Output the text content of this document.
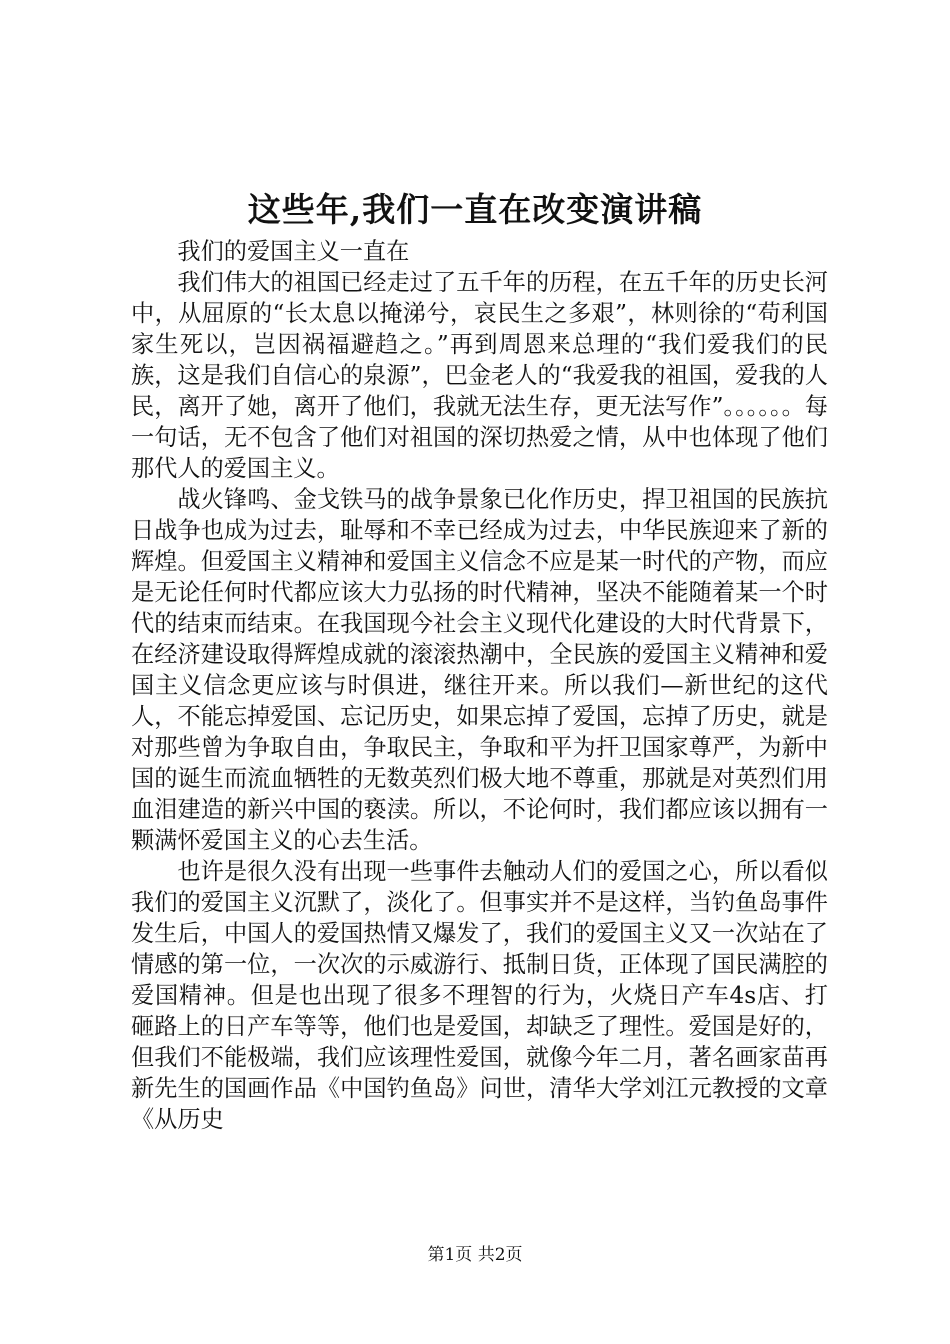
这些年,我们一直在改变演讲稿
我们的爱国主义一直在

我们伟大的祖国已经走过了五千年的历程，在五千年的历史长河中，从屈原的“长太息以掩涕兮，哀民生之多艰”，林则徐的“苟利国家生死以，岂因祸福避趋之。”再到周恩来总理的“我们爱我们的民族，这是我们自信心的泉源”，巴金老人的“我爱我的祖国，爱我的人民，离开了她，离开了他们，我就无法生存，更无法写作”。。。。。。每一句话，无不包含了他们对祖国的深切热爱之情，从中也体现了他们那代人的爱国主义。

战火锋鸣、金戈铁马的战争景象已化作历史，捍卫祖国的民族抗日战争也成为过去，耻辱和不幸已经成为过去，中华民族迎来了新的辉煌。但爱国主义精神和爱国主义信念不应是某一时代的产物，而应是无论任何时代都应该大力弘扬的时代精神，坚决不能随着某一个时代的结束而结束。在我国现今社会主义现代化建设的大时代背景下，在经济建设取得辉煌成就的滚滚热潮中，全民族的爱国主义精神和爱国主义信念更应该与时俱进，继往开来。所以我们—新世纪的这代人，不能忘掉爱国、忘记历史，如果忘掉了爱国，忘掉了历史，就是对那些曾为争取自由，争取民主，争取和平为扞卫国家尊严，为新中国的诞生而流血牺牲的无数英烈们极大地不尊重，那就是对英烈们用血泪建造的新兴中国的亵渎。所以，不论何时，我们都应该以拥有一颗满怀爱国主义的心去生活。

也许是很久没有出现一些事件去触动人们的爱国之心，所以看似我们的爱国主义沉默了，淡化了。但事实并不是这样，当钓鱼岛事件发生后，中国人的爱国热情又爆发了，我们的爱国主义又一次站在了情感的第一位，一次次的示威游行、抵制日货，正体现了国民满腔的爱国精神。但是也出现了很多不理智的行为，火烧日产车4s店、打砸路上的日产车等等，他们也是爱国，却缺乏了理性。爱国是好的，但我们不能极端，我们应该理性爱国，就像今年二月，著名画家苗再新先生的国画作品《中国钓鱼岛》问世，清华大学刘江元教授的文章《从历史

第1页 共2页
